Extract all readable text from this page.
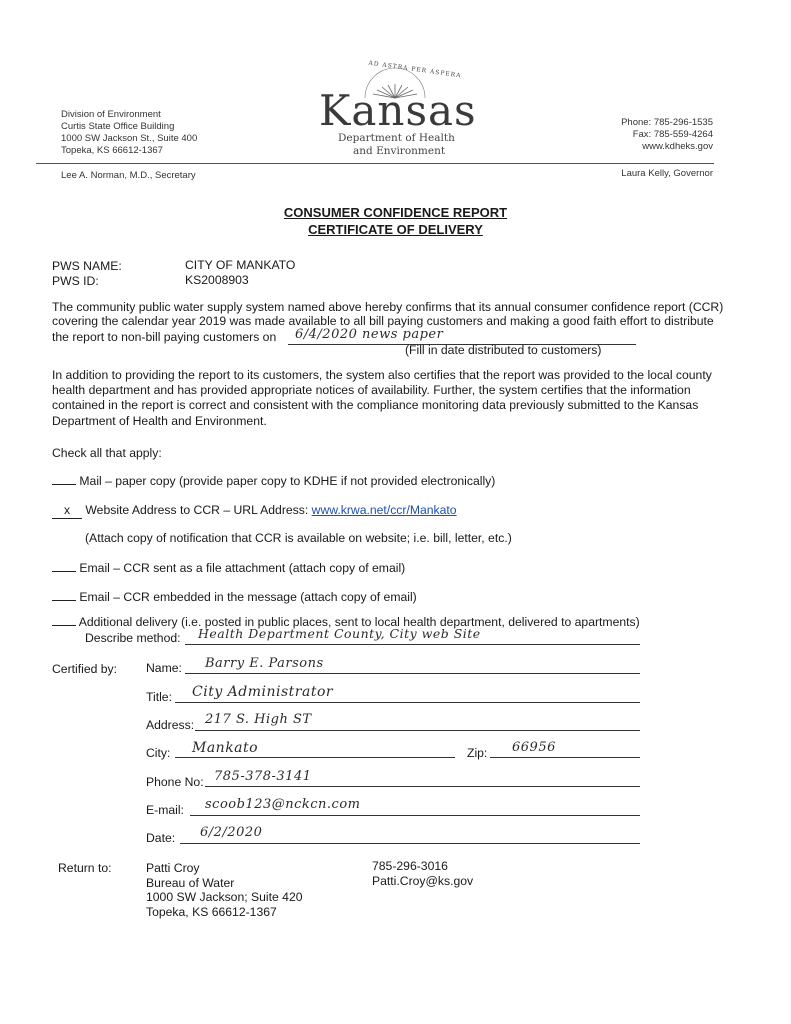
Division of Environment
Curtis State Office Building
1000 SW Jackson St., Suite 400
Topeka, KS 66612-1367
AD ASTRA PER ASPERA
Kansas
Department of Health
and Environment
Phone: 785-296-1535
Fax: 785-559-4264
www.kdheks.gov
Lee A. Norman, M.D., Secretary	Laura Kelly, Governor
CONSUMER CONFIDENCE REPORT
CERTIFICATE OF DELIVERY
PWS NAME:	CITY OF MANKATO
PWS ID:	KS2008903
The community public water supply system named above hereby confirms that its annual consumer confidence report (CCR)
covering the calendar year 2019 was made available to all bill paying customers and making a good faith effort to distribute
the report to non-bill paying customers on 6/4/2020 news paper
(Fill in date distributed to customers)
In addition to providing the report to its customers, the system also certifies that the report was provided to the local county
health department and has provided appropriate notices of availability. Further, the system certifies that the information
contained in the report is correct and consistent with the compliance monitoring data previously submitted to the Kansas
Department of Health and Environment.
Check all that apply:
Mail – paper copy (provide paper copy to KDHE if not provided electronically)
x Website Address to CCR – URL Address: www.krwa.net/ccr/Mankato
(Attach copy of notification that CCR is available on website; i.e. bill, letter, etc.)
Email – CCR sent as a file attachment (attach copy of email)
Email – CCR embedded in the message (attach copy of email)
Additional delivery (i.e. posted in public places, sent to local health department, delivered to apartments)
Describe method: Health Department County, City web Site
Certified by: Name: Barry E. Parsons
Title: City Administrator
Address: 217 S. High ST
City: Mankato	Zip: 66956
Phone No: 785-378-3141
E-mail: scoob123@nckcn.com
Date: 6/2/2020
Return to:	Patti Croy
Bureau of Water
1000 SW Jackson; Suite 420
Topeka, KS 66612-1367
785-296-3016
Patti.Croy@ks.gov
